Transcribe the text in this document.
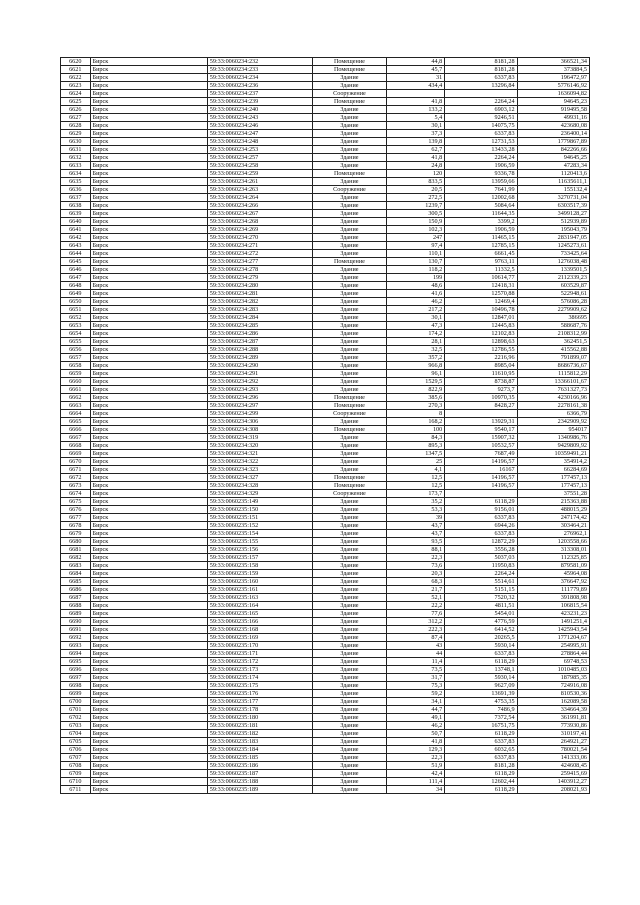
6620	Бирск	59:33:0060234:232	Помещение	44,8	8181,28	366521,34
6621	Бирск	59:33:0060234:233	Помещение	45,7	8181,28	373884,5
6622	Бирск	59:33:0060234:234	Здание	31	6337,83	196472,97
6623	Бирск	59:33:0060234:236	Здание	434,4	13296,84	5776146,92
6624	Бирск	59:33:0060234:237	Сооружение			1636094,82
6625	Бирск	59:33:0060234:239	Помещение	41,8	2264,24	94645,23
6626	Бирск	59:33:0060234:240	Здание	133,2	6903,12	919495,58
6627	Бирск	59:33:0060234:243	Здание	5,4	9246,51	49931,16
6628	Бирск	59:33:0060234:246	Здание	30,1	14075,75	423680,08
6629	Бирск	59:33:0060234:247	Здание	37,3	6337,83	236400,14
6630	Бирск	59:33:0060234:248	Здание	139,8	12731,53	1779867,89
6631	Бирск	59:33:0060234:253	Здание	62,7	13433,28	842266,66
6632	Бирск	59:33:0060234:257	Здание	41,8	2264,24	94645,25
6633	Бирск	59:33:0060234:258	Здание	24,8	1906,59	47283,34
6634	Бирск	59:33:0060234:259	Помещение	120	9336,78	1120413,6
6635	Бирск	59:33:0060234:261	Здание	833,5	13959,66	11635611,1
6636	Бирск	59:33:0060234:263	Сооружение	20,5	7641,99	155132,4
6637	Бирск	59:33:0060234:264	Здание	272,5	12002,68	3270731,04
6638	Бирск	59:33:0060234:266	Здание	1239,7	5084,64	6303517,39
6639	Бирск	59:33:0060234:267	Здание	300,5	11644,35	3499128,27
6640	Бирск	59:33:0060234:268	Здание	150,9	3399,2	512939,89
6641	Бирск	59:33:0060234:269	Здание	102,3	1906,59	195043,79
6642	Бирск	59:33:0060234:270	Здание	247	11465,15	2831947,05
6643	Бирск	59:33:0060234:271	Здание	97,4	12785,15	1245273,61
6644	Бирск	59:33:0060234:272	Здание	110,1	6661,45	733425,64
6645	Бирск	59:33:0060234:277	Помещение	130,7	9763,11	1276038,48
6646	Бирск	59:33:0060234:278	Здание	118,2	11332,5	1339501,5
6647	Бирск	59:33:0060234:279	Здание	199	10614,77	2112339,23
6648	Бирск	59:33:0060234:280	Здание	48,6	12418,31	603529,87
6649	Бирск	59:33:0060234:281	Здание	41,6	12570,88	522948,61
6650	Бирск	59:33:0060234:282	Здание	46,2	12469,4	576086,28
6651	Бирск	59:33:0060234:283	Здание	217,2	10496,78	2279909,62
6652	Бирск	59:33:0060234:284	Здание	30,1	12847,01	386695
6653	Бирск	59:33:0060234:285	Здание	47,3	12445,83	588687,76
6654	Бирск	59:33:0060234:286	Здание	174,2	12102,83	2108312,99
6655	Бирск	59:33:0060234:287	Здание	28,1	12898,63	362451,5
6656	Бирск	59:33:0060234:288	Здание	32,5	12786,55	415562,88
6657	Бирск	59:33:0060234:289	Здание	357,2	2216,96	791899,07
6658	Бирск	59:33:0060234:290	Здание	966,8	8985,04	8686736,67
6659	Бирск	59:33:0060234:291	Здание	96,1	11610,95	1115812,29
6660	Бирск	59:33:0060234:292	Здание	1529,5	8738,87	13366101,67
6661	Бирск	59:33:0060234:293	Здание	822,9	9273,7	7631327,73
6662	Бирск	59:33:0060234:296	Помещение	385,6	10970,35	4230166,96
6663	Бирск	59:33:0060234:297	Помещение	270,3	8428,27	2278161,38
6664	Бирск	59:33:0060234:299	Сооружение	8		6366,79
6665	Бирск	59:33:0060234:306	Здание	168,2	13929,31	2342909,92
6666	Бирск	59:33:0060234:308	Помещение	100	9540,17	954017
6667	Бирск	59:33:0060234:319	Здание	84,3	15907,32	1340986,76
6668	Бирск	59:33:0060234:320	Здание	895,3	10532,57	9429809,92
6669	Бирск	59:33:0060234:321	Здание	1347,5	7687,49	10359491,21
6670	Бирск	59:33:0060234:322	Здание	25	14196,57	354914,2
6671	Бирск	59:33:0060234:323	Здание	4,1	16167	66284,69
6672	Бирск	59:33:0060234:327	Помещение	12,5	14196,57	177457,13
6673	Бирск	59:33:0060234:328	Помещение	12,5	14196,57	177457,13
6674	Бирск	59:33:0060234:329	Сооружение	173,7		37551,28
6675	Бирск	59:33:0060235:149	Здание	35,2	6118,29	215363,88
6676	Бирск	59:33:0060235:150	Здание	53,3	9156,01	488015,29
6677	Бирск	59:33:0060235:151	Здание	39	6337,83	247174,42
6678	Бирск	59:33:0060235:152	Здание	43,7	6944,26	303464,21
6679	Бирск	59:33:0060235:154	Здание	43,7	6337,83	276962,1
6680	Бирск	59:33:0060235:155	Здание	93,5	12872,29	1203558,66
6681	Бирск	59:33:0060235:156	Здание	88,1	3556,28	313308,01
6682	Бирск	59:33:0060235:157	Здание	22,3	5037,03	112325,85
6683	Бирск	59:33:0060235:158	Здание	73,6	11950,83	879581,09
6684	Бирск	59:33:0060235:159	Здание	20,3	2264,24	45964,08
6685	Бирск	59:33:0060235:160	Здание	68,3	5514,61	376647,92
6686	Бирск	59:33:0060235:161	Здание	21,7	5151,15	111779,89
6687	Бирск	59:33:0060235:163	Здание	52,1	7520,32	391808,98
6688	Бирск	59:33:0060235:164	Здание	22,2	4811,51	106815,54
6689	Бирск	59:33:0060235:165	Здание	77,6	5454,01	423231,23
6690	Бирск	59:33:0060235:166	Здание	312,2	4776,59	1491251,4
6691	Бирск	59:33:0060235:168	Здание	222,3	6414,52	1425943,54
6692	Бирск	59:33:0060235:169	Здание	87,4	20265,5	1771204,67
6693	Бирск	59:33:0060235:170	Здание	43	5930,14	254995,91
6694	Бирск	59:33:0060235:171	Здание	44	6337,83	278864,44
6695	Бирск	59:33:0060235:172	Здание	11,4	6118,29	69748,53
6696	Бирск	59:33:0060235:173	Здание	73,5	13748,1	1010485,03
6697	Бирск	59:33:0060235:174	Здание	31,7	5930,14	187985,35
6698	Бирск	59:33:0060235:175	Здание	75,3	9627,09	724916,08
6699	Бирск	59:33:0060235:176	Здание	59,2	13691,39	810530,36
6700	Бирск	59:33:0060235:177	Здание	34,1	4753,35	162089,58
6701	Бирск	59:33:0060235:178	Здание	44,7	7486,9	334664,39
6702	Бирск	59:33:0060235:180	Здание	49,1	7372,54	361991,81
6703	Бирск	59:33:0060235:181	Здание	46,2	16751,75	773930,86
6704	Бирск	59:33:0060235:182	Здание	50,7	6118,29	310197,41
6705	Бирск	59:33:0060235:183	Здание	41,8	6337,83	264921,27
6706	Бирск	59:33:0060235:184	Здание	129,3	6032,65	780021,54
6707	Бирск	59:33:0060235:185	Здание	22,3	6337,83	141333,06
6708	Бирск	59:33:0060235:186	Здание	51,9	8181,28	424608,45
6709	Бирск	59:33:0060235:187	Здание	42,4	6118,29	259415,69
6710	Бирск	59:33:0060235:188	Здание	111,4	12602,44	1403912,27
6711	Бирск	59:33:0060235:189	Здание	34	6118,29	208021,93
